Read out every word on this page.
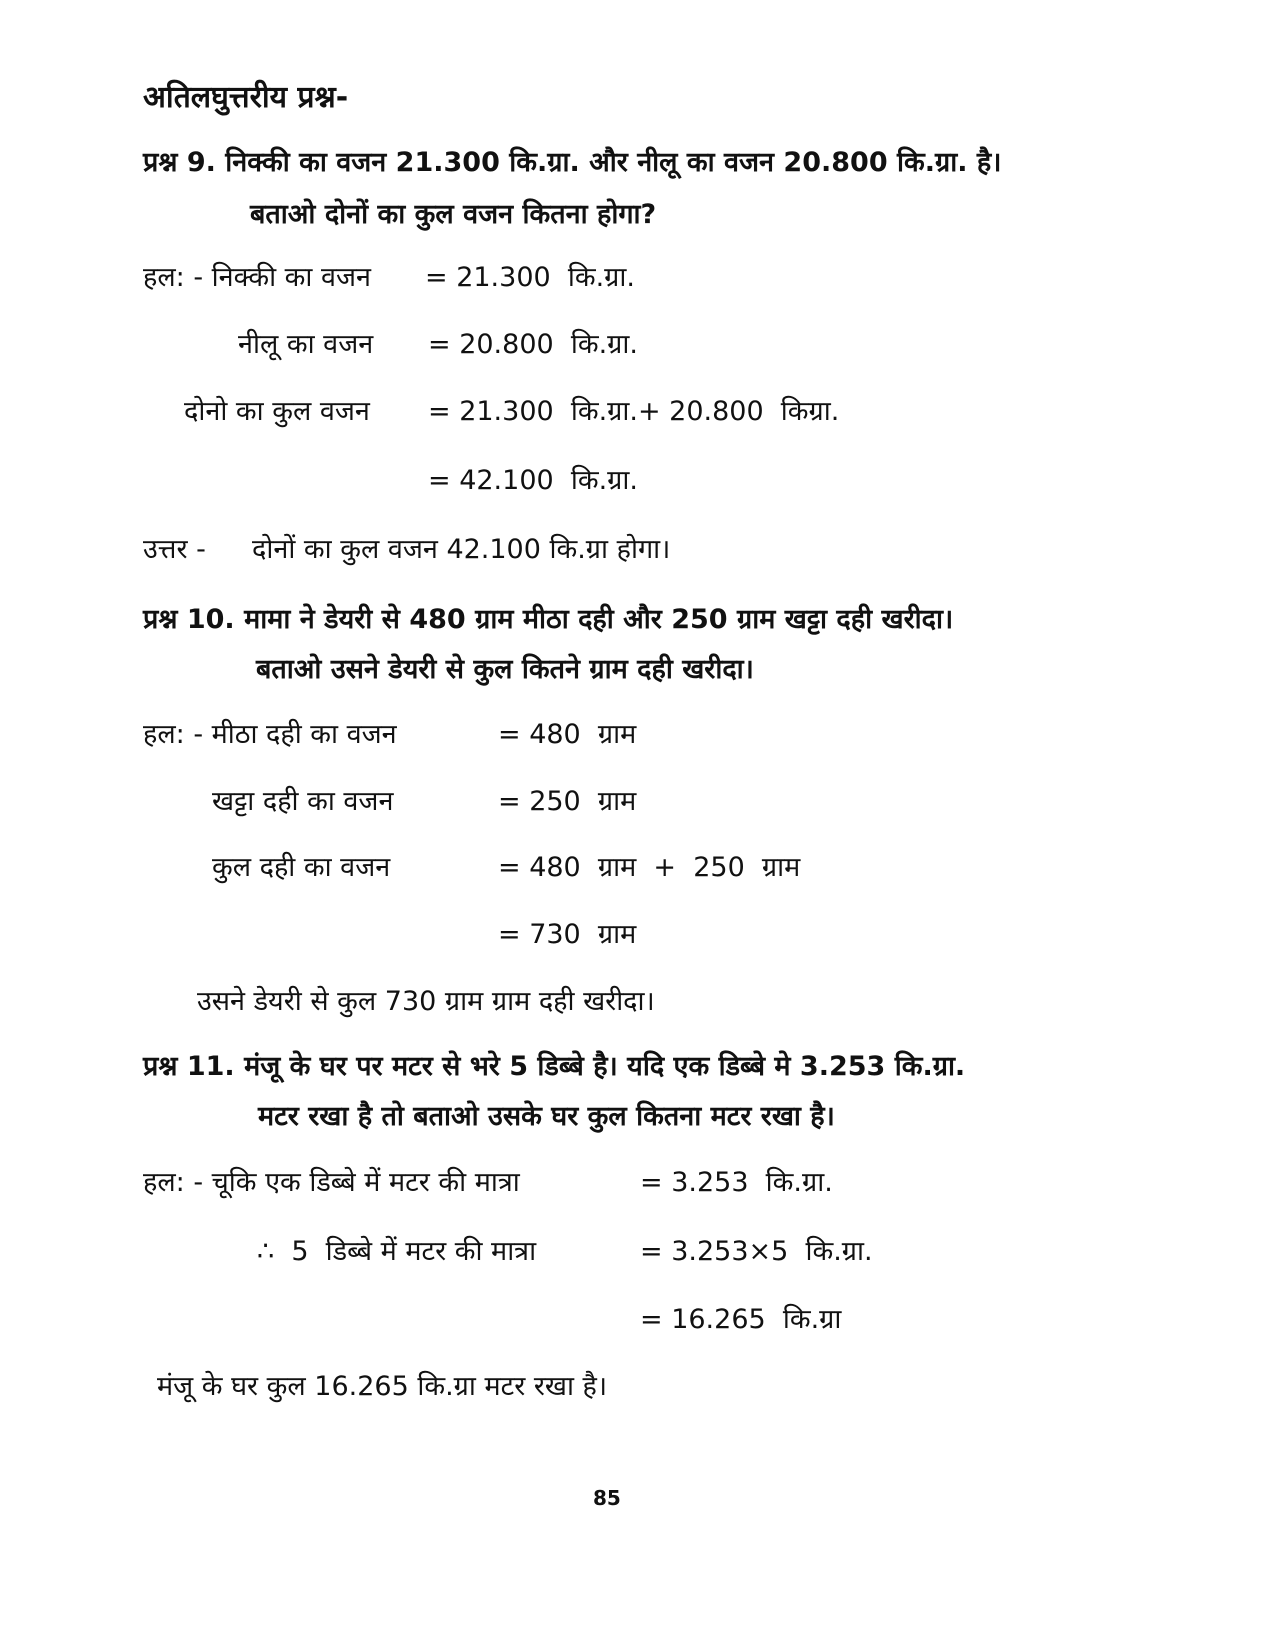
अतिलघुत्तरीय प्रश्न-
प्रश्न 9. निक्की का वजन 21.300 कि.ग्रा. और नीलू का वजन 20.800 कि.ग्रा. है।
बताओ दोनों का कुल वजन कितना होगा?
हल: - निक्की का वजन = 21.300  कि.ग्रा.
नीलू का वजन = 20.800  कि.ग्रा.
दोनो का कुल वजन = 21.300  कि.ग्रा.+ 20.800  किग्रा.
= 42.100  कि.ग्रा.
उत्तर - दोनों का कुल वजन 42.100 कि.ग्रा होगा।
प्रश्न 10. मामा ने डेयरी से 480 ग्राम मीठा दही और 250 ग्राम खट्टा दही खरीदा।
बताओ उसने डेयरी से कुल कितने ग्राम दही खरीदा।
हल: - मीठा दही का वजन	= 480  ग्राम
खट्टा दही का वजन	= 250  ग्राम
कुल दही का वजन	= 480  ग्राम  +  250  ग्राम
= 730  ग्राम
उसने डेयरी से कुल 730 ग्राम ग्राम दही खरीदा।
प्रश्न 11. मंजू के घर पर मटर से भरे 5 डिब्बे है। यदि एक डिब्बे मे 3.253 कि.ग्रा.
मटर रखा है तो बताओ उसके घर कुल कितना मटर रखा है।
हल: - चूकि एक डिब्बे में मटर की मात्रा	= 3.253  कि.ग्रा.
∴  5  डिब्बे में मटर की मात्रा	= 3.253×5  कि.ग्रा.
= 16.265  कि.ग्रा
मंजू के घर कुल 16.265 कि.ग्रा मटर रखा है।
85
